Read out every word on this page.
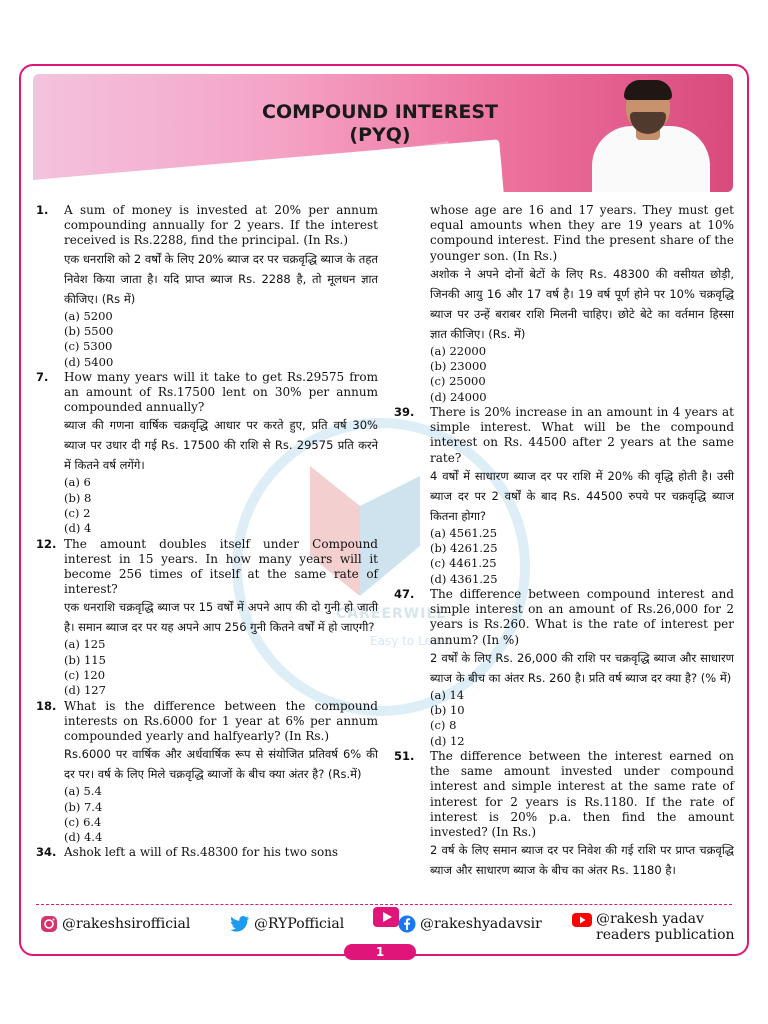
COMPOUND INTEREST
(PYQ)
CAREERWILL
Easy to Learn
1.	A sum of money is invested at 20% per annum compounding annually for 2 years. If the interest received is Rs.2288, find the principal. (In Rs.)
एक धनराशि को 2 वर्षों के लिए 20% ब्याज दर पर चक्रवृद्धि ब्याज के तहत निवेश किया जाता है। यदि प्राप्त ब्याज Rs. 2288 है, तो मूलधन ज्ञात कीजिए। (Rs में)
(a) 5200
(b) 5500
(c) 5300
(d) 5400
7.	How many years will it take to get Rs.29575 from an amount of Rs.17500 lent on 30% per annum compounded annually?
ब्याज की गणना वार्षिक चक्रवृद्धि आधार पर करते हुए, प्रति वर्ष 30% ब्याज पर उधार दी गई Rs. 17500 की राशि से Rs. 29575 प्रति करने में कितने वर्ष लगेंगे।
(a) 6
(b) 8
(c) 2
(d) 4
12. The amount doubles itself under Compound interest in 15 years. In how many years will it become 256 times of itself at the same rate of interest?
एक धनराशि चक्रवृद्धि ब्याज पर 15 वर्षों में अपने आप की दो गुनी हो जाती है। समान ब्याज दर पर यह अपने आप 256 गुनी कितने वर्षों में हो जाएगी?
(a) 125
(b) 115
(c) 120
(d) 127
18. What is the difference between the compound interests on Rs.6000 for 1 year at 6% per annum compounded yearly and halfyearly? (In Rs.)
Rs.6000 पर वार्षिक और अर्धवार्षिक रूप से संयोजित प्रतिवर्ष 6% की दर पर। वर्ष के लिए मिले चक्रवृद्धि ब्याजों के बीच क्या अंतर है? (Rs.में)
(a) 5.4
(b) 7.4
(c) 6.4
(d) 4.4
34. Ashok left a will of Rs.48300 for his two sons
whose age are 16 and 17 years. They must get equal amounts when they are 19 years at 10% compound interest. Find the present share of the younger son. (In Rs.)
अशोक ने अपने दोनों बेटों के लिए Rs. 48300 की वसीयत छोड़ी, जिनकी आयु 16 और 17 वर्ष है। 19 वर्ष पूर्ण होने पर 10% चक्रवृद्धि ब्याज पर उन्हें बराबर राशि मिलनी चाहिए। छोटे बेटे का वर्तमान हिस्सा ज्ञात कीजिए। (Rs. में)
(a) 22000
(b) 23000
(c) 25000
(d) 24000
39.	There is 20% increase in an amount in 4 years at simple interest. What will be the compound interest on Rs. 44500 after 2 years at the same rate?
4 वर्षों में साधारण ब्याज दर पर राशि में 20% की वृद्धि होती है। उसी ब्याज दर पर 2 वर्षों के बाद Rs. 44500 रुपये पर चक्रवृद्धि ब्याज कितना होगा?
(a) 4561.25
(b) 4261.25
(c) 4461.25
(d) 4361.25
47.	The difference between compound interest and simple interest on an amount of Rs.26,000 for 2 years is Rs.260. What is the rate of interest per annum? (In %)
2 वर्षों के लिए Rs. 26,000 की राशि पर चक्रवृद्धि ब्याज और साधारण ब्याज के बीच का अंतर Rs. 260 है। प्रति वर्ष ब्याज दर क्या है? (% में)
(a) 14
(b) 10
(c) 8
(d) 12
51.	The difference between the interest earned on the same amount invested under compound interest and simple interest at the same rate of interest for 2 years is Rs.1180. If the rate of interest is 20% p.a. then find the amount invested? (In Rs.)
2 वर्ष के लिए समान ब्याज दर पर निवेश की गई राशि पर प्राप्त चक्रवृद्धि ब्याज और साधारण ब्याज के बीच का अंतर Rs. 1180 है।
@rakeshsirofficial	@RYPofficial	@rakeshyadavsir	@rakesh yadav
readers publication
1
